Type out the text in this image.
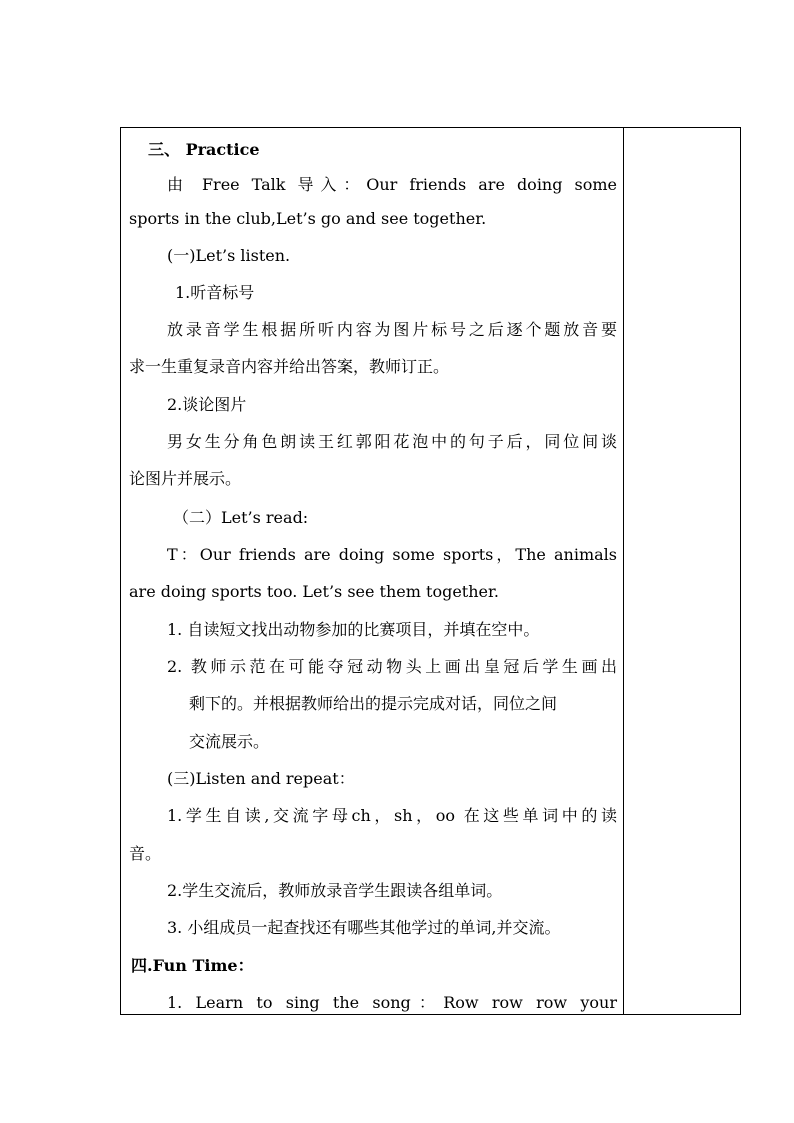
三、 Practice
由 Free Talk 导入：Our friends are doing some
sports in the club,Let’s go and see together.
(一)Let’s listen.
1.听音标号
放录音学生根据所听内容为图片标号之后逐个题放音要
求一生重复录音内容并给出答案，教师订正。
2.谈论图片
男女生分角色朗读王红郭阳花泡中的句子后，同位间谈
论图片并展示。
（二）Let’s read:
T：Our friends are doing some sports，The animals
are doing sports too. Let’s see them together.
1. 自读短文找出动物参加的比赛项目，并填在空中。
2. 教师示范在可能夺冠动物头上画出皇冠后学生画出
剩下的。并根据教师给出的提示完成对话，同位之间
交流展示。
(三)Listen and repeat：
1.学生自读,交流字母ch，sh，oo 在这些单词中的读
音。
2.学生交流后，教师放录音学生跟读各组单词。
3. 小组成员一起查找还有哪些其他学过的单词,并交流。
四.Fun Time：
1. Learn to sing the song：Row row row your
